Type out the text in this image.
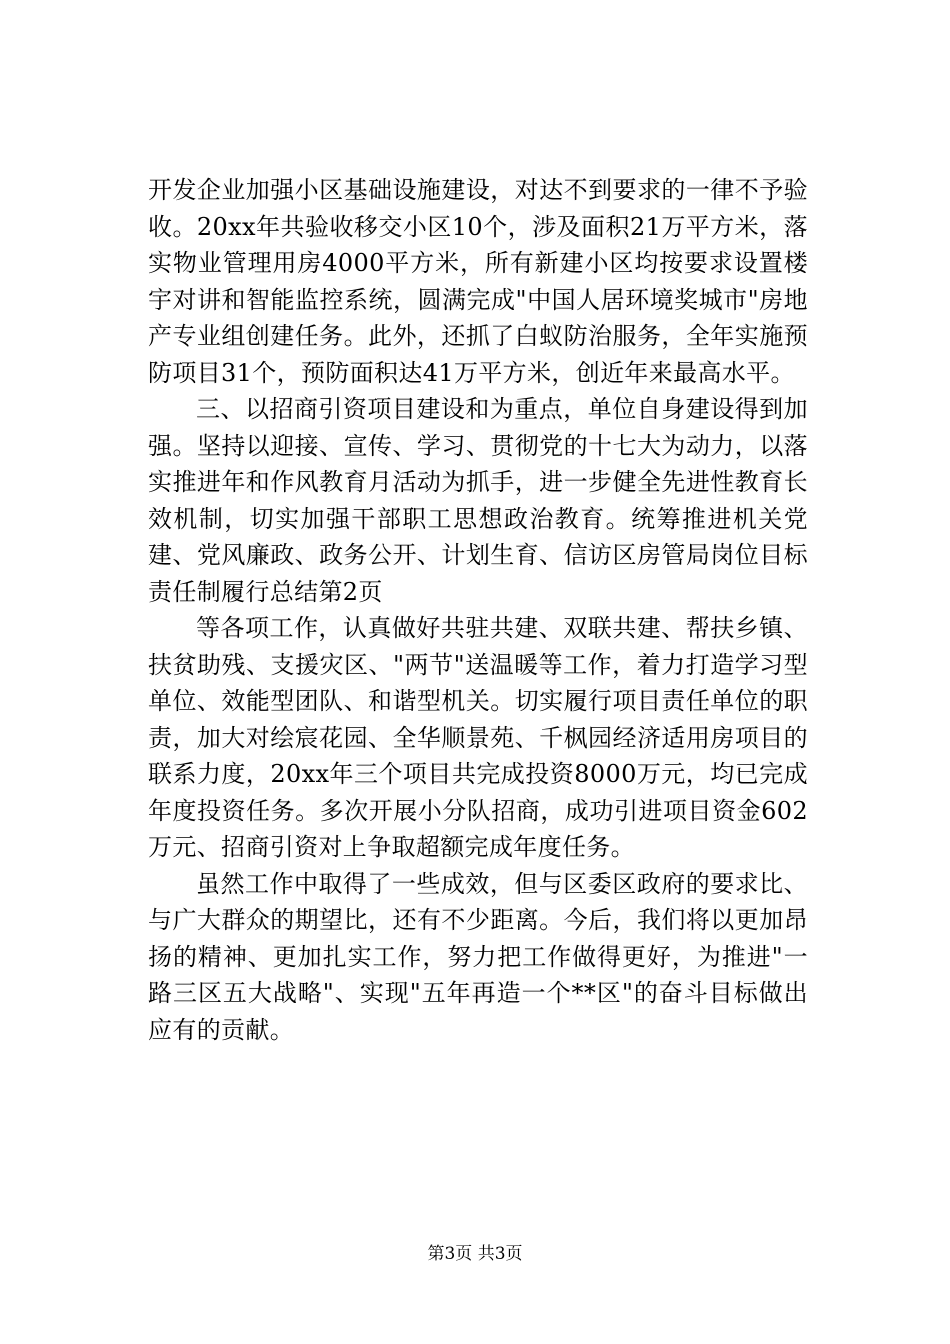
开发企业加强小区基础设施建设，对达不到要求的一律不予验收。20xx年共验收移交小区10个，涉及面积21万平方米，落实物业管理用房4000平方米，所有新建小区均按要求设置楼宇对讲和智能监控系统，圆满完成"中国人居环境奖城市"房地产专业组创建任务。此外，还抓了白蚁防治服务，全年实施预防项目31个，预防面积达41万平方米，创近年来最高水平。

三、以招商引资项目建设和为重点，单位自身建设得到加强。坚持以迎接、宣传、学习、贯彻党的十七大为动力，以落实推进年和作风教育月活动为抓手，进一步健全先进性教育长效机制，切实加强干部职工思想政治教育。统筹推进机关党建、党风廉政、政务公开、计划生育、信访区房管局岗位目标责任制履行总结第2页

等各项工作，认真做好共驻共建、双联共建、帮扶乡镇、扶贫助残、支援灾区、"两节"送温暖等工作，着力打造学习型单位、效能型团队、和谐型机关。切实履行项目责任单位的职责，加大对绘宸花园、全华顺景苑、千枫园经济适用房项目的联系力度，20xx年三个项目共完成投资8000万元，均已完成年度投资任务。多次开展小分队招商，成功引进项目资金602万元、招商引资对上争取超额完成年度任务。

虽然工作中取得了一些成效，但与区委区政府的要求比、与广大群众的期望比，还有不少距离。今后，我们将以更加昂扬的精神、更加扎实工作，努力把工作做得更好，为推进"一路三区五大战略"、实现"五年再造一个**区"的奋斗目标做出应有的贡献。

第3页 共3页
